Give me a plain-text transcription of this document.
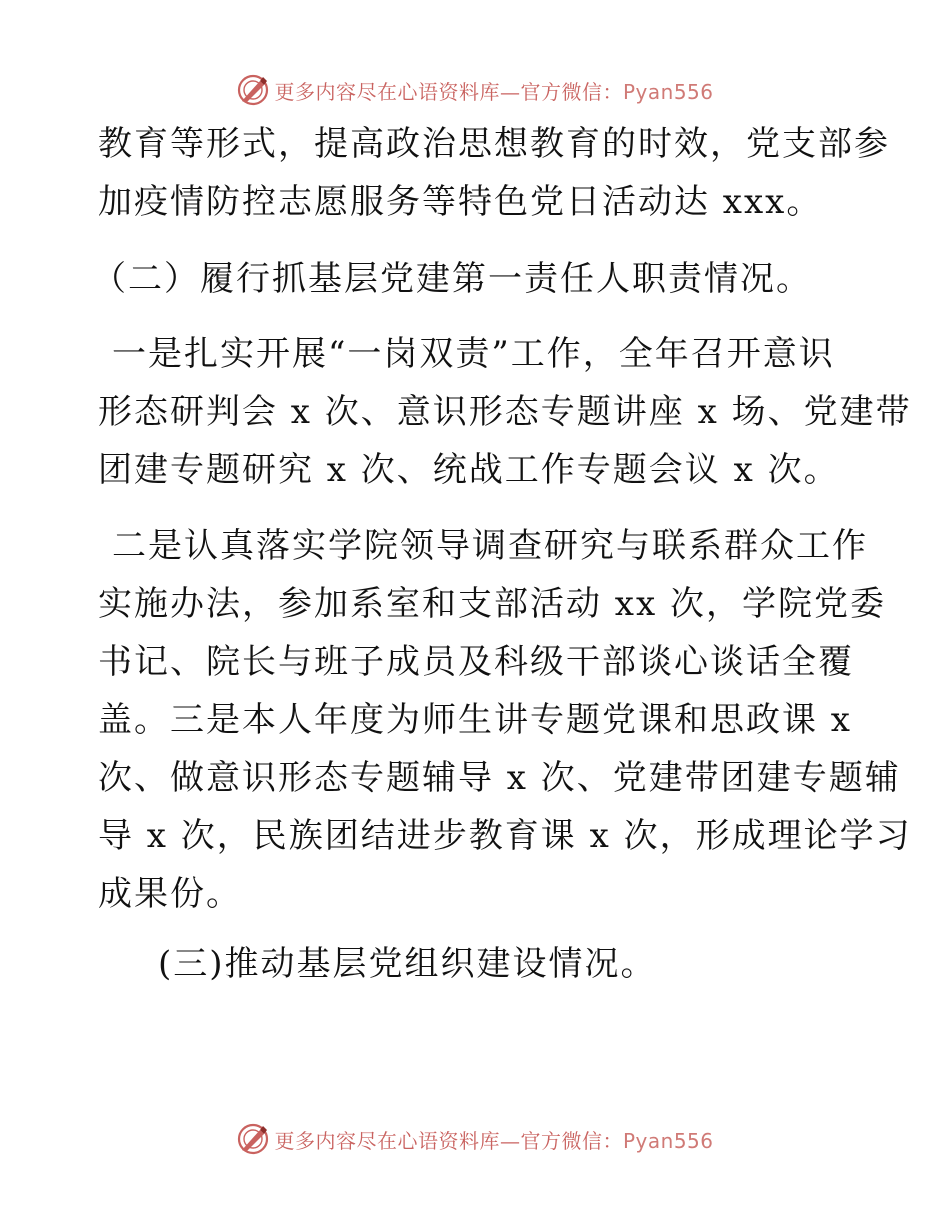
更多内容尽在心语资料库—官方微信：Pyan556
教育等形式，提高政治思想教育的时效，党支部参
加疫情防控志愿服务等特色党日活动达 xxx。
（二）履行抓基层党建第一责任人职责情况。
一是扎实开展“一岗双责”工作，全年召开意识
形态研判会 x 次、意识形态专题讲座 x 场、党建带
团建专题研究 x 次、统战工作专题会议 x 次。
二是认真落实学院领导调查研究与联系群众工作
实施办法，参加系室和支部活动 xx 次，学院党委
书记、院长与班子成员及科级干部谈心谈话全覆
盖。三是本人年度为师生讲专题党课和思政课 x
次、做意识形态专题辅导 x 次、党建带团建专题辅
导 x 次，民族团结进步教育课 x 次，形成理论学习
成果份。
(三)推动基层党组织建设情况。
更多内容尽在心语资料库—官方微信：Pyan556
